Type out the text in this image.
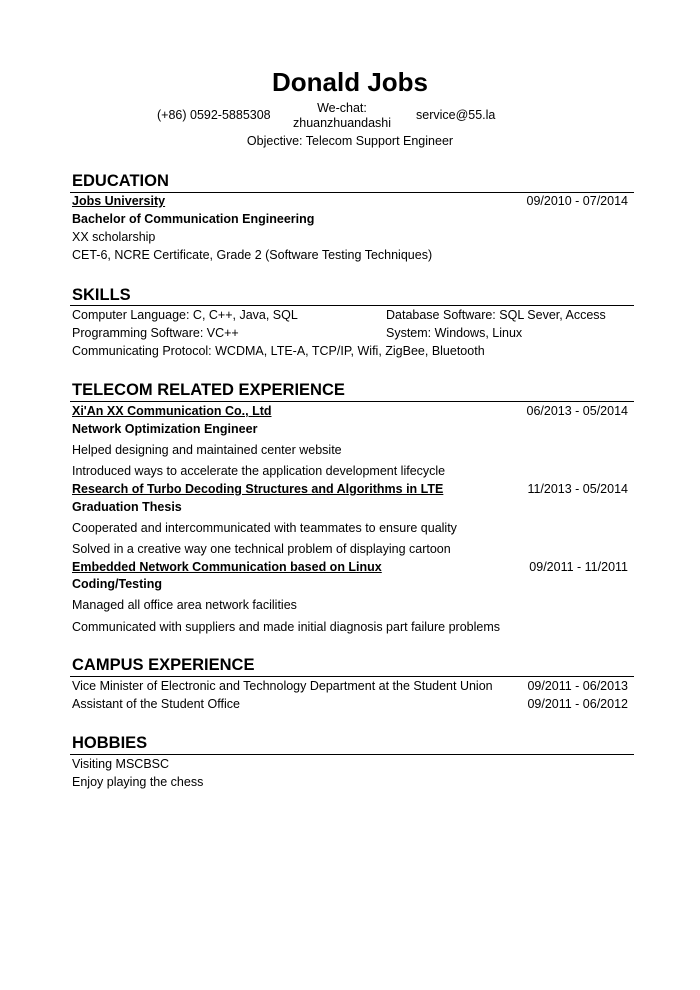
Donald Jobs
(+86) 0592-5885308	We-chat:
zhuanzhuandashi
service@55.la
Objective: Telecom Support Engineer
EDUCATION
Jobs University	09/2010 - 07/2014
Bachelor of Communication Engineering
XX scholarship
CET-6, NCRE Certificate, Grade 2 (Software Testing Techniques)
SKILLS
Computer Language: C, C++, Java, SQL	Database Software: SQL Sever, Access
Programming Software: VC++	System: Windows, Linux
Communicating Protocol: WCDMA, LTE-A, TCP/IP, Wifi, ZigBee, Bluetooth
TELECOM RELATED EXPERIENCE
Xi'An XX Communication Co., Ltd	06/2013 - 05/2014
Network Optimization Engineer
Helped designing and maintained center website
Introduced ways to accelerate the application development lifecycle
Research of Turbo Decoding Structures and Algorithms in LTE	11/2013 - 05/2014
Graduation Thesis
Cooperated and intercommunicated with teammates to ensure quality
Solved in a creative way one technical problem of displaying cartoon
Embedded Network Communication based on Linux	09/2011 - 11/2011
Coding/Testing
Managed all office area network facilities
Communicated with suppliers and made initial diagnosis part failure problems
CAMPUS EXPERIENCE
Vice Minister of Electronic and Technology Department at the Student Union	09/2011 - 06/2013
Assistant of the Student Office	09/2011 - 06/2012
HOBBIES
Visiting MSCBSC
Enjoy playing the chess
